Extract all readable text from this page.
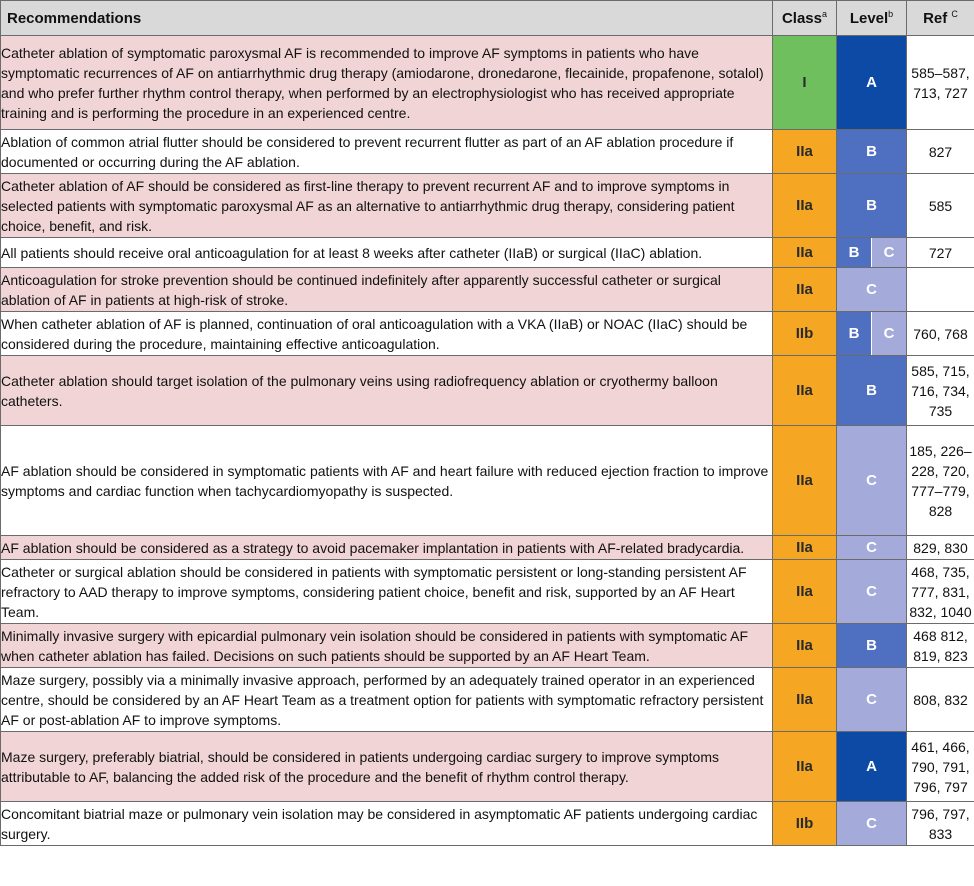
Recommendations	Class$^a$	Level$^b$	Ref $^C$
Catheter ablation of symptomatic paroxysmal AF is recommended to improve AF symptoms in patients who have symptomatic recurrences of AF on antiarrhythmic drug therapy (amiodarone, dronedarone, flecainide, propafenone, sotalol) and who prefer further rhythm control therapy, when performed by an electrophysiologist who has received appropriate training and is performing the procedure in an experienced centre.	I	A	585–587, 713, 727
Ablation of common atrial flutter should be considered to prevent recurrent flutter as part of an AF ablation procedure if documented or occurring during the AF ablation.	IIa	B	827
Catheter ablation of AF should be considered as first-line therapy to prevent recurrent AF and to improve symptoms in selected patients with symptomatic paroxysmal AF as an alternative to antiarrhythmic drug therapy, considering patient choice, benefit, and risk.	IIa	B	585
All patients should receive oral anticoagulation for at least 8 weeks after catheter (IIaB) or surgical (IIaC) ablation.	IIa	B C	727
Anticoagulation for stroke prevention should be continued indefinitely after apparently successful catheter or surgical ablation of AF in patients at high-risk of stroke.	IIa	C	
When catheter ablation of AF is planned, continuation of oral anticoagulation with a VKA (IIaB) or NOAC (IIaC) should be considered during the procedure, maintaining effective anticoagulation.	IIb	B C	760, 768
Catheter ablation should target isolation of the pulmonary veins using radiofrequency ablation or cryothermy balloon catheters.	IIa	B	585, 715, 716, 734, 735
AF ablation should be considered in symptomatic patients with AF and heart failure with reduced ejection fraction to improve symptoms and cardiac function when tachycardiomyopathy is suspected.	IIa	C	185, 226–228, 720, 777–779, 828
AF ablation should be considered as a strategy to avoid pacemaker implantation in patients with AF-related bradycardia.	IIa	C	829, 830
Catheter or surgical ablation should be considered in patients with symptomatic persistent or long-standing persistent AF refractory to AAD therapy to improve symptoms, considering patient choice, benefit and risk, supported by an AF Heart Team.	IIa	C	468, 735, 777, 831, 832, 1040
Minimally invasive surgery with epicardial pulmonary vein isolation should be considered in patients with symptomatic AF when catheter ablation has failed. Decisions on such patients should be supported by an AF Heart Team.	IIa	B	468 812, 819, 823
Maze surgery, possibly via a minimally invasive approach, performed by an adequately trained operator in an experienced centre, should be considered by an AF Heart Team as a treatment option for patients with symptomatic refractory persistent AF or post-ablation AF to improve symptoms.	IIa	C	808, 832
Maze surgery, preferably biatrial, should be considered in patients undergoing cardiac surgery to improve symptoms attributable to AF, balancing the added risk of the procedure and the benefit of rhythm control therapy.	IIa	A	461, 466, 790, 791, 796, 797
Concomitant biatrial maze or pulmonary vein isolation may be considered in asymptomatic AF patients undergoing cardiac surgery.	IIb	C	796, 797, 833
